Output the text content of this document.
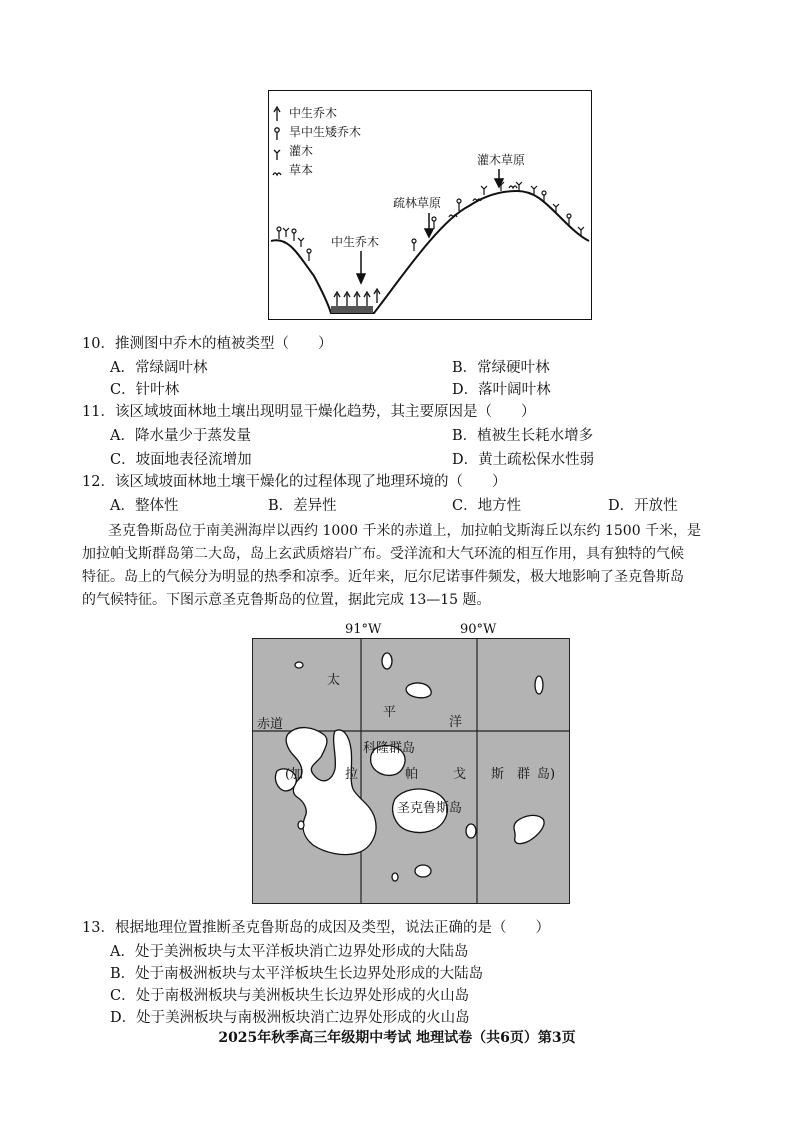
中生乔木
旱中生矮乔木
灌木
草本
灌木草原
疏林草原
中生乔木
10．推测图中乔木的植被类型（　　）
A．常绿阔叶林	B．常绿硬叶林
C．针叶林	D．落叶阔叶林
11．该区域坡面林地土壤出现明显干燥化趋势，其主要原因是（　　）
A．降水量少于蒸发量	B．植被生长耗水增多
C．坡面地表径流增加	D．黄土疏松保水性弱
12．该区域坡面林地土壤干燥化的过程体现了地理环境的（　　）
A．整体性	B．差异性	C．地方性	D．开放性
圣克鲁斯岛位于南美洲海岸以西约 1000 千米的赤道上，加拉帕戈斯海丘以东约 1500 千米，是
加拉帕戈斯群岛第二大岛，岛上玄武质熔岩广布。受洋流和大气环流的相互作用，具有独特的气候
特征。岛上的气候分为明显的热季和凉季。近年来，厄尔尼诺事件频发，极大地影响了圣克鲁斯岛
的气候特征。下图示意圣克鲁斯岛的位置，据此完成 13—15 题。
91°W	90°W
太
平
洋
赤道
科隆群岛
(加	拉	帕	戈 斯 群 岛)
圣克鲁斯岛
13．根据地理位置推断圣克鲁斯岛的成因及类型，说法正确的是（　　）
A．处于美洲板块与太平洋板块消亡边界处形成的大陆岛
B．处于南极洲板块与太平洋板块生长边界处形成的大陆岛
C．处于南极洲板块与美洲板块生长边界处形成的火山岛
D．处于美洲板块与南极洲板块消亡边界处形成的火山岛
2025年秋季高三年级期中考试 地理试卷（共6页）第3页
